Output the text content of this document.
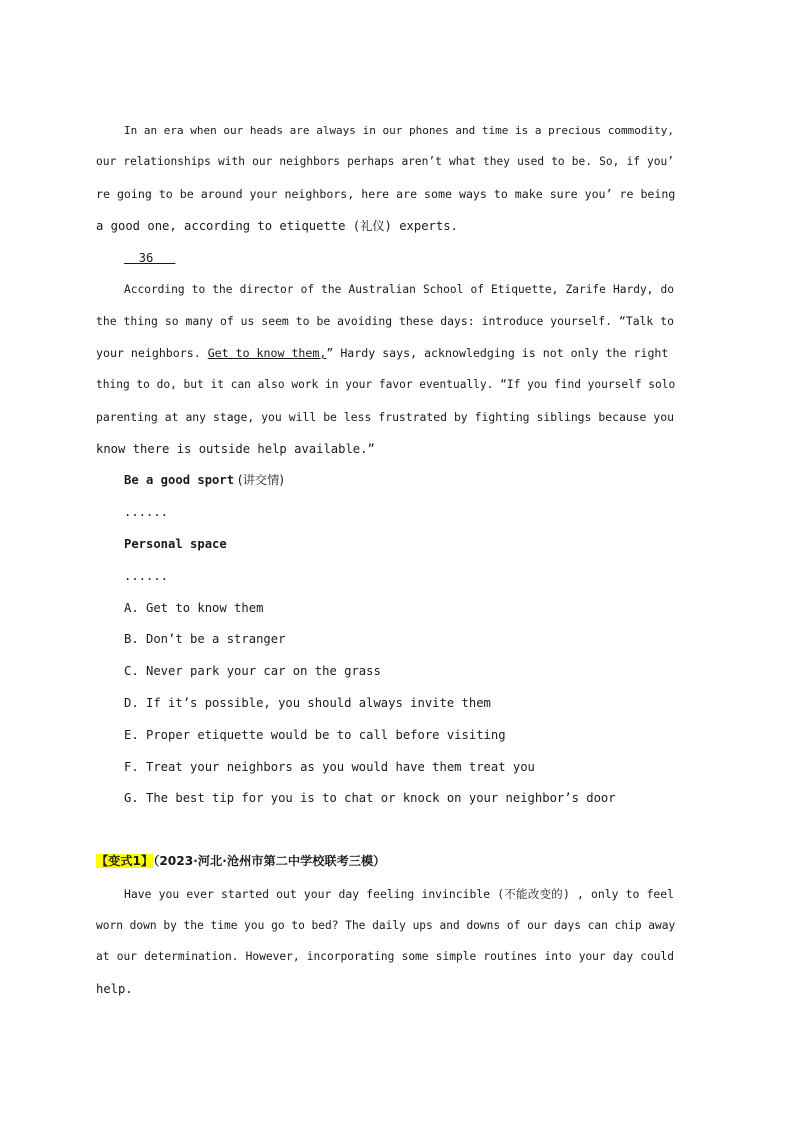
In an era when our heads are always in our phones and time is a precious commodity,
our relationships with our neighbors perhaps aren’t what they used to be. So, if you’
re going to be around your neighbors, here are some ways to make sure you’ re being
a good one, according to etiquette (礼仪) experts.
36
According to the director of the Australian School of Etiquette, Zarife Hardy, do
the thing so many of us seem to be avoiding these days: introduce yourself. “Talk to
your neighbors. Get to know them,” Hardy says, acknowledging is not only the right
thing to do, but it can also work in your favor eventually. “If you find yourself solo
parenting at any stage, you will be less frustrated by fighting siblings because you
know there is outside help available.”
Be a good sport (讲交情)
......
Personal space
......
A. Get to know them
B. Don’t be a stranger
C. Never park your car on the grass
D. If it’s possible, you should always invite them
E. Proper etiquette would be to call before visiting
F. Treat your neighbors as you would have them treat you
G. The best tip for you is to chat or knock on your neighbor’s door
【变式1】（2023·河北·沧州市第二中学校联考三模）
Have you ever started out your day feeling invincible (不能改变的) , only to feel
worn down by the time you go to bed? The daily ups and downs of our days can chip away
at our determination. However, incorporating some simple routines into your day could
help.
